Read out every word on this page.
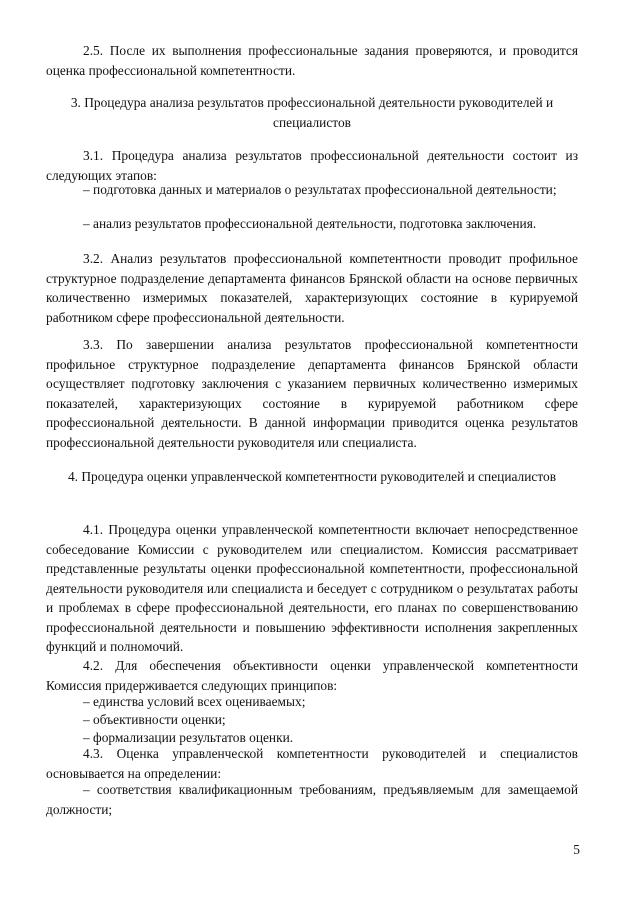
2.5. После их выполнения профессиональные задания проверяются, и проводится оценка профессиональной компетентности.

3. Процедура анализа результатов профессиональной деятельности руководителей и специалистов

3.1. Процедура анализа результатов профессиональной деятельности состоит из следующих этапов:

– подготовка данных и материалов о результатах профессиональной деятельности;

– анализ результатов профессиональной деятельности, подготовка заключения.

3.2. Анализ результатов профессиональной компетентности проводит профильное структурное подразделение департамента финансов Брянской области на основе первичных количественно измеримых показателей, характеризующих состояние в курируемой работником сфере профессиональной деятельности.

3.3. По завершении анализа результатов профессиональной компетентности профильное структурное подразделение департамента финансов Брянской области осуществляет подготовку заключения с указанием первичных количественно измеримых показателей, характеризующих состояние в курируемой работником сфере профессиональной деятельности. В данной информации приводится оценка результатов профессиональной деятельности руководителя или специалиста.

4. Процедура оценки управленческой компетентности руководителей и специалистов

4.1. Процедура оценки управленческой компетентности включает непосредственное собеседование Комиссии с руководителем или специалистом. Комиссия рассматривает представленные результаты оценки профессиональной компетентности, профессиональной деятельности руководителя или специалиста и беседует с сотрудником о результатах работы и проблемах в сфере профессиональной деятельности, его планах по совершенствованию профессиональной деятельности и повышению эффективности исполнения закрепленных функций и полномочий.

4.2. Для обеспечения объективности оценки управленческой компетентности Комиссия придерживается следующих принципов:

– единства условий всех оцениваемых;

– объективности оценки;

– формализации результатов оценки.

4.3. Оценка управленческой компетентности руководителей и специалистов основывается на определении:

– соответствия квалификационным требованиям, предъявляемым для замещаемой должности;

5
